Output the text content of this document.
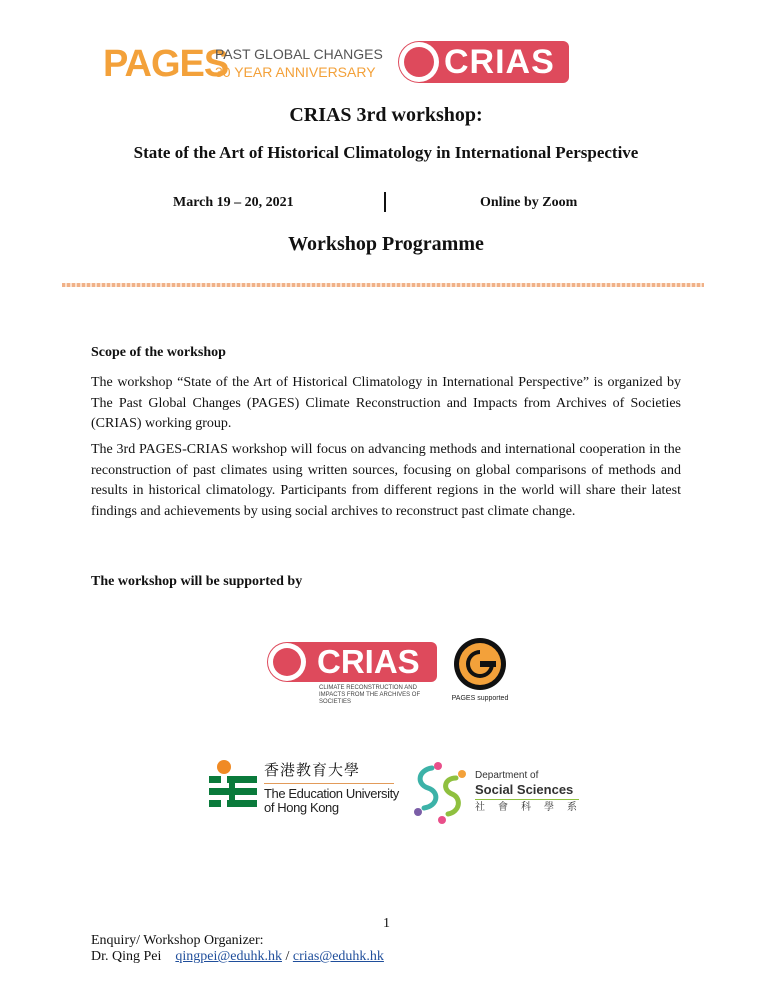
PAGES
PAST GLOBAL CHANGES
30 YEAR ANNIVERSARY CRIAS
CRIAS 3rd workshop:
State of the Art of Historical Climatology in International Perspective
March 19 – 20, 2021	Online by Zoom
Workshop Programme
Scope of the workshop
The workshop “State of the Art of Historical Climatology in International Perspective” is organized by The Past Global Changes (PAGES) Climate Reconstruction and Impacts from Archives of Societies (CRIAS) working group.
The 3rd PAGES-CRIAS workshop will focus on advancing methods and international cooperation in the reconstruction of past climates using written sources, focusing on global comparisons of methods and results in historical climatology. Participants from different regions in the world will share their latest findings and achievements by using social archives to reconstruct past climate change.
The workshop will be supported by
CRIAS
CLIMATE RECONSTRUCTION AND IMPACTS FROM THE ARCHIVES OF SOCIETIES	PAGES supported
香港教育大學
The Education University
of Hong Kong
Department of
Social Sciences
社會科學系
1
Enquiry/ Workshop Organizer:
Dr. Qing Pei qingpei@eduhk.hk / crias@eduhk.hk
